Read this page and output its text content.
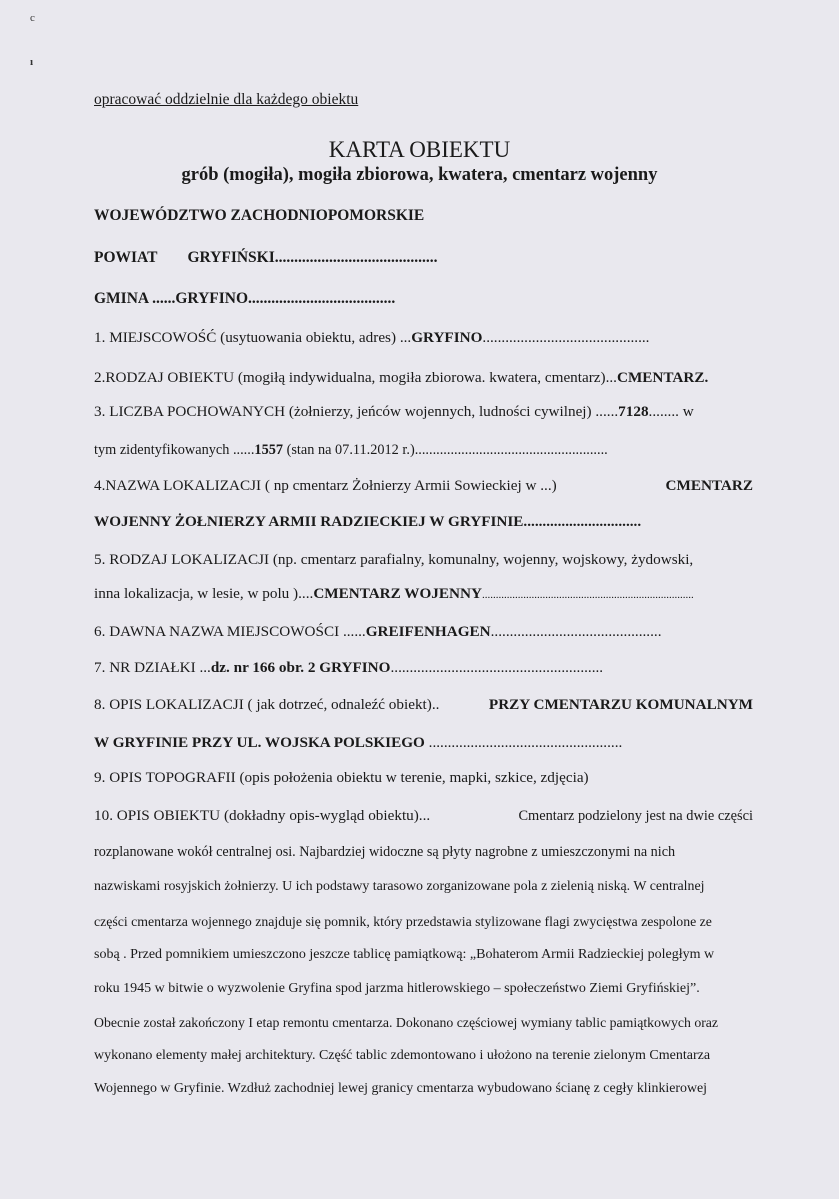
c
ı
opracować oddzielnie dla każdego obiektu
KARTA OBIEKTU
grób (mogiła), mogiła zbiorowa, kwatera, cmentarz wojenny
WOJEWÓDZTWO ZACHODNIOPOMORSKIE
POWIAT GRYFIŃSKI..........................................
GMINA ......GRYFINO......................................
1. MIEJSCOWOŚĆ (usytuowania obiektu, adres) ...GRYFINO............................................
2.RODZAJ OBIEKTU (mogiłą indywidualna, mogiła zbiorowa. kwatera, cmentarz)...CMENTARZ.
3. LICZBA POCHOWANYCH (żołnierzy, jeńców wojennych, ludności cywilnej) ......7128........ w
tym zidentyfikowanych ......1557 (stan na 07.11.2012 r.)......................................................
4.NAZWA LOKALIZACJI ( np cmentarz Żołnierzy Armii Sowieckiej w ...)	CMENTARZ
WOJENNY ŻOŁNIERZY ARMII RADZIECKIEJ W GRYFINIE...............................
5. RODZAJ LOKALIZACJI (np. cmentarz parafialny, komunalny, wojenny, wojskowy, żydowski,
inna lokalizacja, w lesie, w polu )....CMENTARZ WOJENNY.............................................................................
6. DAWNA NAZWA MIEJSCOWOŚCI ......GREIFENHAGEN.............................................
7. NR DZIAŁKI ...dz. nr 166 obr. 2 GRYFINO........................................................
8. OPIS LOKALIZACJI ( jak dotrzeć, odnaleźć obiekt)..	PRZY CMENTARZU KOMUNALNYM
W GRYFINIE PRZY UL. WOJSKA POLSKIEGO ...................................................
9. OPIS TOPOGRAFII (opis położenia obiektu w terenie, mapki, szkice, zdjęcia)
10. OPIS OBIEKTU (dokładny opis-wygląd obiektu)...	Cmentarz podzielony jest na dwie części
rozplanowane wokół centralnej osi. Najbardziej widoczne są płyty nagrobne z umieszczonymi na nich
nazwiskami rosyjskich żołnierzy. U ich podstawy tarasowo zorganizowane pola z zielenią niską. W centralnej
części cmentarza wojennego znajduje się pomnik, który przedstawia stylizowane flagi zwycięstwa zespolone ze
sobą . Przed pomnikiem umieszczono jeszcze tablicę pamiątkową: „Bohaterom Armii Radzieckiej poległym w
roku 1945 w bitwie o wyzwolenie Gryfina spod jarzma hitlerowskiego – społeczeństwo Ziemi Gryfińskiej”.
Obecnie został zakończony I etap remontu cmentarza. Dokonano częściowej wymiany tablic pamiątkowych oraz
wykonano elementy małej architektury. Część tablic zdemontowano i ułożono na terenie zielonym Cmentarza
Wojennego w Gryfinie. Wzdłuż zachodniej lewej granicy cmentarza wybudowano ścianę z cegły klinkierowej
